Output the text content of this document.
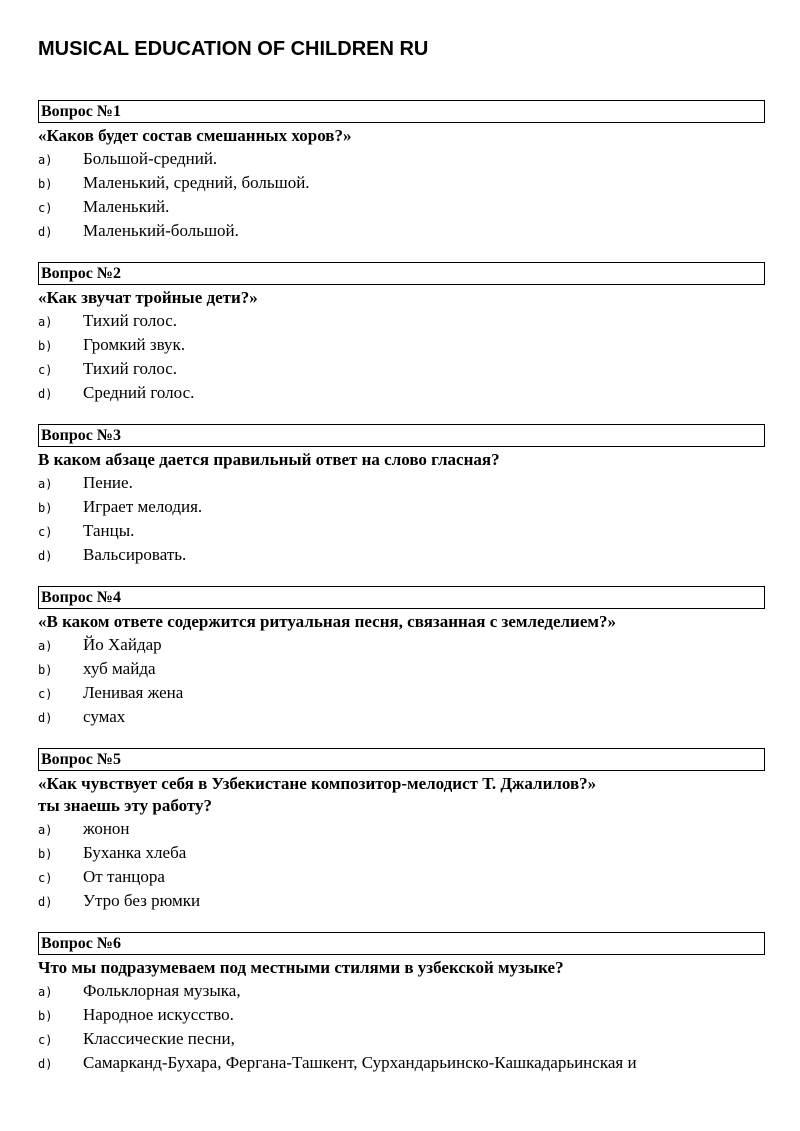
MUSICAL EDUCATION OF CHILDREN RU
Вопрос №1
«Каков будет состав смешанных хоров?»
a) Большой-средний.
b) Маленький, средний, большой.
c) Маленький.
d) Маленький-большой.
Вопрос №2
«Как звучат тройные дети?»
a) Тихий голос.
b) Громкий звук.
c) Тихий голос.
d) Средний голос.
Вопрос №3
В каком абзаце дается правильный ответ на слово гласная?
a) Пение.
b) Играет мелодия.
c) Танцы.
d) Вальсировать.
Вопрос №4
«В каком ответе содержится ритуальная песня, связанная с земледелием?»
a) Йо Хайдар
b) хуб майда
c) Ленивая жена
d) сумах
Вопрос №5
«Как чувствует себя в Узбекистане композитор-мелодист Т. Джалилов?»
ты знаешь эту работу?
a) жонон
b) Буханка хлеба
c) От танцора
d) Утро без рюмки
Вопрос №6
Что мы подразумеваем под местными стилями в узбекской музыке?
a) Фольклорная музыка,
b) Народное искусство.
c) Классические песни,
d) Самарканд-Бухара, Фергана-Ташкент, Сурхандарьинско-Кашкадарьинская и
